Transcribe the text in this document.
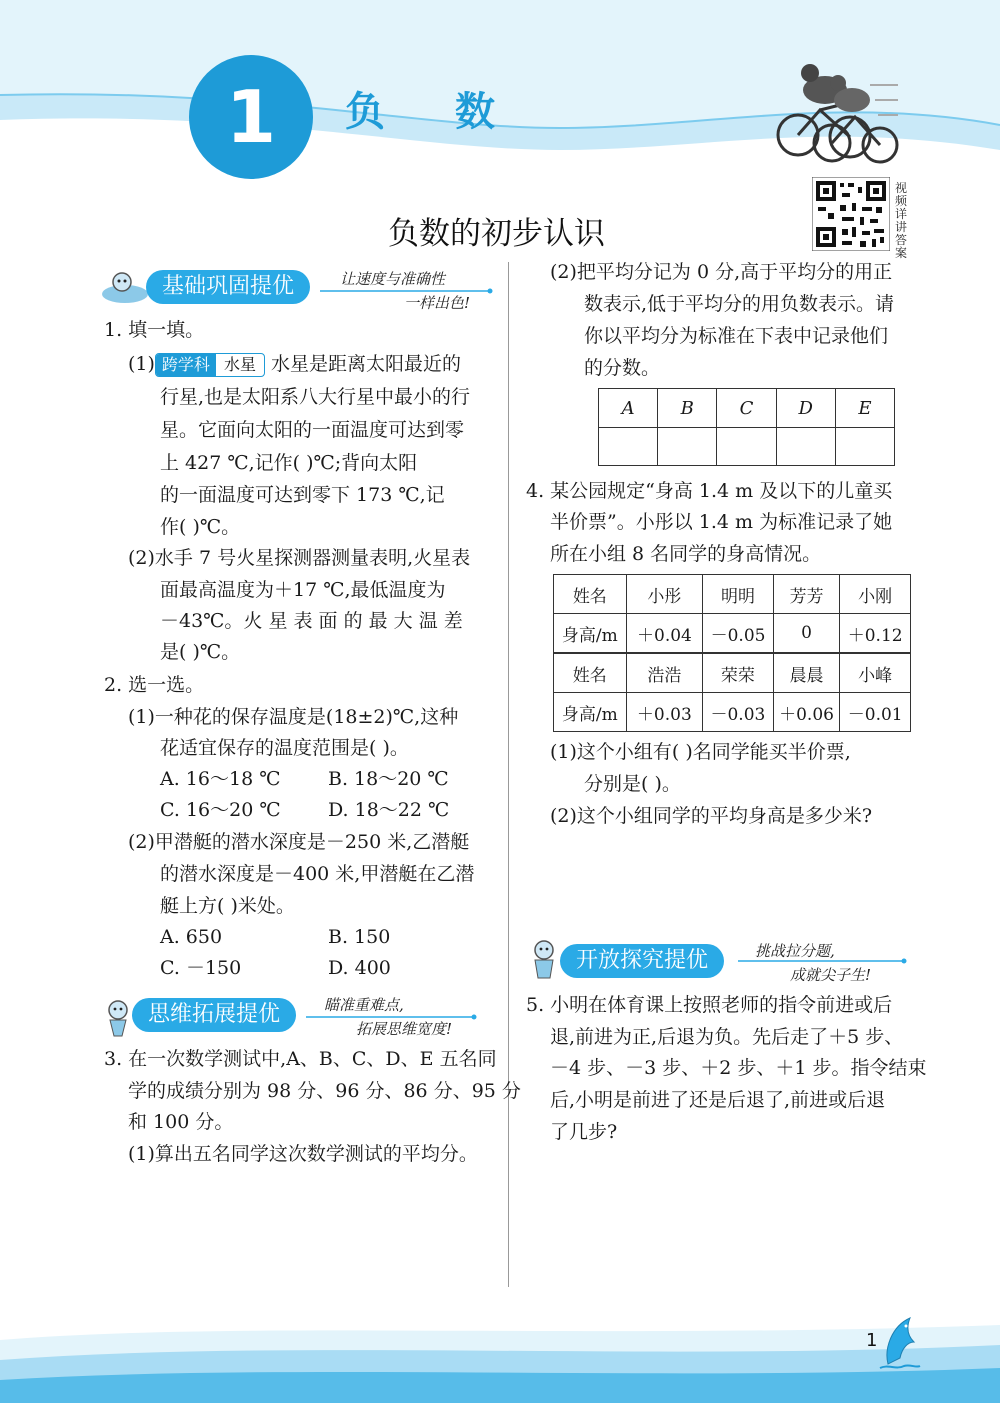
1	负数
视频详讲答案
负数的初步认识
基础巩固提优	让速度与准确性
一样出色!
1. 填一填。
(1) 跨学科 水星 水星是距离太阳最近的
行星,也是太阳系八大行星中最小的行
星。它面向太阳的一面温度可达到零
上 427 ℃,记作( )℃;背向太阳
的一面温度可达到零下 173 ℃,记
作( )℃。
(2)水手 7 号火星探测器测量表明,火星表
面最高温度为＋17 ℃,最低温度为
－43℃。火 星 表 面 的 最 大 温 差
是( )℃。
2. 选一选。
(1)一种花的保存温度是(18±2)℃,这种
花适宜保存的温度范围是( )。
A. 16～18 ℃	B. 18～20 ℃
C. 16～20 ℃ D. 18～22 ℃
(2)甲潜艇的潜水深度是－250 米,乙潜艇
的潜水深度是－400 米,甲潜艇在乙潜
艇上方( )米处。
A. 650	B. 150
C. －150	D. 400
思维拓展提优	瞄准重难点,
拓展思维宽度!
3. 在一次数学测试中,A、B、C、D、E 五名同
学的成绩分别为 98 分、96 分、86 分、95 分
和 100 分。
(1)算出五名同学这次数学测试的平均分。
(2)把平均分记为 0 分,高于平均分的用正
数表示,低于平均分的用负数表示。请
你以平均分为标准在下表中记录他们
的分数。
A	B	C	D	E

4. 某公园规定“身高 1.4 m 及以下的儿童买
半价票”。小彤以 1.4 m 为标准记录了她
所在小组 8 名同学的身高情况。
姓名	小彤	明明	芳芳	小刚
身高/m	＋0.04	－0.05	0	＋0.12
姓名	浩浩	荣荣	晨晨	小峰
身高/m	＋0.03	－0.03	＋0.06	－0.01
(1)这个小组有( )名同学能买半价票,
分别是( )。
(2)这个小组同学的平均身高是多少米?
开放探究提优	挑战拉分题,
成就尖子生!
5. 小明在体育课上按照老师的指令前进或后
退,前进为正,后退为负。先后走了＋5 步、
－4 步、－3 步、＋2 步、＋1 步。指令结束
后,小明是前进了还是后退了,前进或后退
了几步?
1
